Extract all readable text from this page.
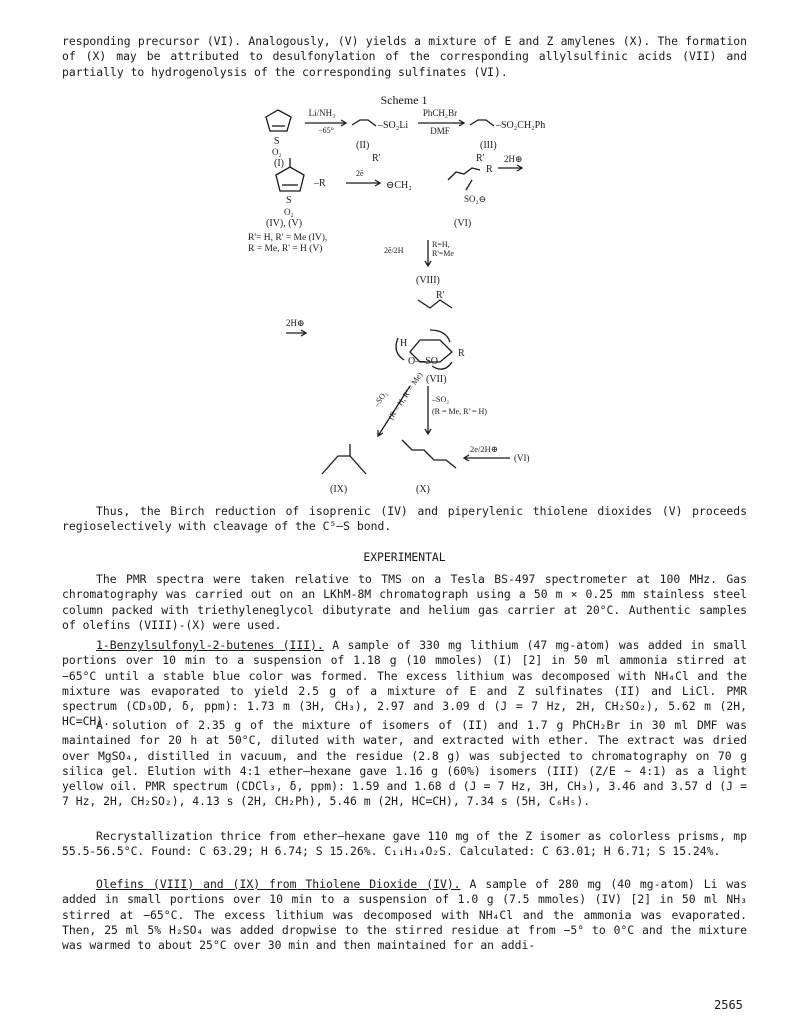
responding precursor (VI). Analogously, (V) yields a mixture of E and Z amylenes (X). The formation of (X) may be attributed to desulfonylation of the corresponding allylsulfinic acids (VII) and partially to hydrogenolysis of the corresponding sulfinates (VI).

Scheme 1
Li/NH₃
−65°	–SO₂Li
PhCH₂Br
DMF	–SO₂CH₂Ph
S
O₂
(I)
(II)	(III)
R'	R'
R
–R
2ē
⊖CH₂
2H⊕
SO₂⊖
S
O₂
(IV), (V)	(VI)
R'= H, R' = Me (IV),
R = Me, R' = H (V)	2ē/2H
R=H,
R'=Me
(VIII)
R'
2H⊕
H
R
O—SO
(VII)
–SO₂
(R = H, R' = Me) –SO₂
(R = Me, R' = H)
2e/2H⊕
(VI)
(IX)	(X)

Thus, the Birch reduction of isoprenic (IV) and piperylenic thiolene dioxides (V) proceeds regioselectively with cleavage of the C⁵–S bond.

EXPERIMENTAL

The PMR spectra were taken relative to TMS on a Tesla BS-497 spectrometer at 100 MHz. Gas chromatography was carried out on an LKhM-8M chromatograph using a 50 m × 0.25 mm stainless steel column packed with triethyleneglycol dibutyrate and helium gas carrier at 20°C. Authentic samples of olefins (VIII)-(X) were used.

1-Benzylsulfonyl-2-butenes (III). A sample of 330 mg lithium (47 mg-atom) was added in small portions over 10 min to a suspension of 1.18 g (10 mmoles) (I) [2] in 50 ml ammonia stirred at −65°C until a stable blue color was formed. The excess lithium was decomposed with NH₄Cl and the mixture was evaporated to yield 2.5 g of a mixture of E and Z sulfinates (II) and LiCl. PMR spectrum (CD₃OD, δ, ppm): 1.73 m (3H, CH₃), 2.97 and 3.09 d (J = 7 Hz, 2H, CH₂SO₂), 5.62 m (2H, HC=CH).

A solution of 2.35 g of the mixture of isomers of (II) and 1.7 g PhCH₂Br in 30 ml DMF was maintained for 20 h at 50°C, diluted with water, and extracted with ether. The extract was dried over MgSO₄, distilled in vacuum, and the residue (2.8 g) was subjected to chromatography on 70 g silica gel. Elution with 4:1 ether–hexane gave 1.16 g (60%) isomers (III) (Z/E ~ 4:1) as a light yellow oil. PMR spectrum (CDCl₃, δ, ppm): 1.59 and 1.68 d (J = 7 Hz, 3H, CH₃), 3.46 and 3.57 d (J = 7 Hz, 2H, CH₂SO₂), 4.13 s (2H, CH₂Ph), 5.46 m (2H, HC=CH), 7.34 s (5H, C₆H₅).

Recrystallization thrice from ether–hexane gave 110 mg of the Z isomer as colorless prisms, mp 55.5-56.5°C. Found: C 63.29; H 6.74; S 15.26%. C₁₁H₁₄O₂S. Calculated: C 63.01; H 6.71; S 15.24%.

Olefins (VIII) and (IX) from Thiolene Dioxide (IV). A sample of 280 mg (40 mg-atom) Li was added in small portions over 10 min to a suspension of 1.0 g (7.5 mmoles) (IV) [2] in 50 ml NH₃ stirred at −65°C. The excess lithium was decomposed with NH₄Cl and the ammonia was evaporated. Then, 25 ml 5% H₂SO₄ was added dropwise to the stirred residue at from −5° to 0°C and the mixture was warmed to about 25°C over 30 min and then maintained for an addi-

2565
